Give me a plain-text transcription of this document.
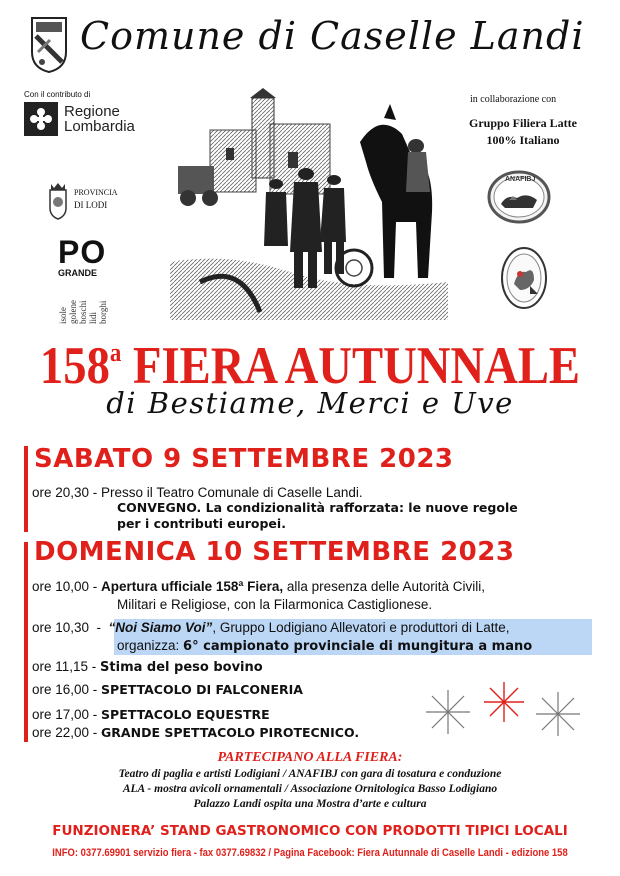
Comune di Caselle Landi
Con il contributo di
Regione Lombardia
PROVINCIA
DI LODI
PO
GRANDE
isole golene boschi lidi borghi
in collaborazione con
Gruppo Filiera Latte
100% Italiano
ANAFIBJ
158$^a$ FIERA AUTUNNALE
di Bestiame, Merci e Uve
SABATO 9 SETTEMBRE 2023
ore 20,30 - Presso il Teatro Comunale di Caselle Landi.
CONVEGNO. La condizionalità rafforzata: le nuove regole
per i contributi europei.
DOMENICA 10 SETTEMBRE 2023
ore 10,00 - Apertura ufficiale 158ª Fiera, alla presenza delle Autorità Civili,
Militari e Religiose, con la Filarmonica Castiglionese.
ore 10,30  -  “Noi Siamo Voi”, Gruppo Lodigiano Allevatori e produttori di Latte,
organizza: 6° campionato provinciale di mungitura a mano
ore 11,15 - Stima del peso bovino
ore 16,00 - SPETTACOLO DI FALCONERIA
ore 17,00 - SPETTACOLO EQUESTRE
ore 22,00 - GRANDE SPETTACOLO PIROTECNICO.
PARTECIPANO ALLA FIERA:
Teatro di paglia e artisti Lodigiani / ANAFIBJ con gara di tosatura e conduzione
ALA - mostra avicoli ornamentali / Associazione Ornitologica Basso Lodigiano
Palazzo Landi ospita una Mostra d’arte e cultura
FUNZIONERA’ STAND GASTRONOMICO CON PRODOTTI TIPICI LOCALI
INFO: 0377.69901 servizio fiera - fax 0377.69832 / Pagina Facebook: Fiera Autunnale di Caselle Landi - edizione 158
